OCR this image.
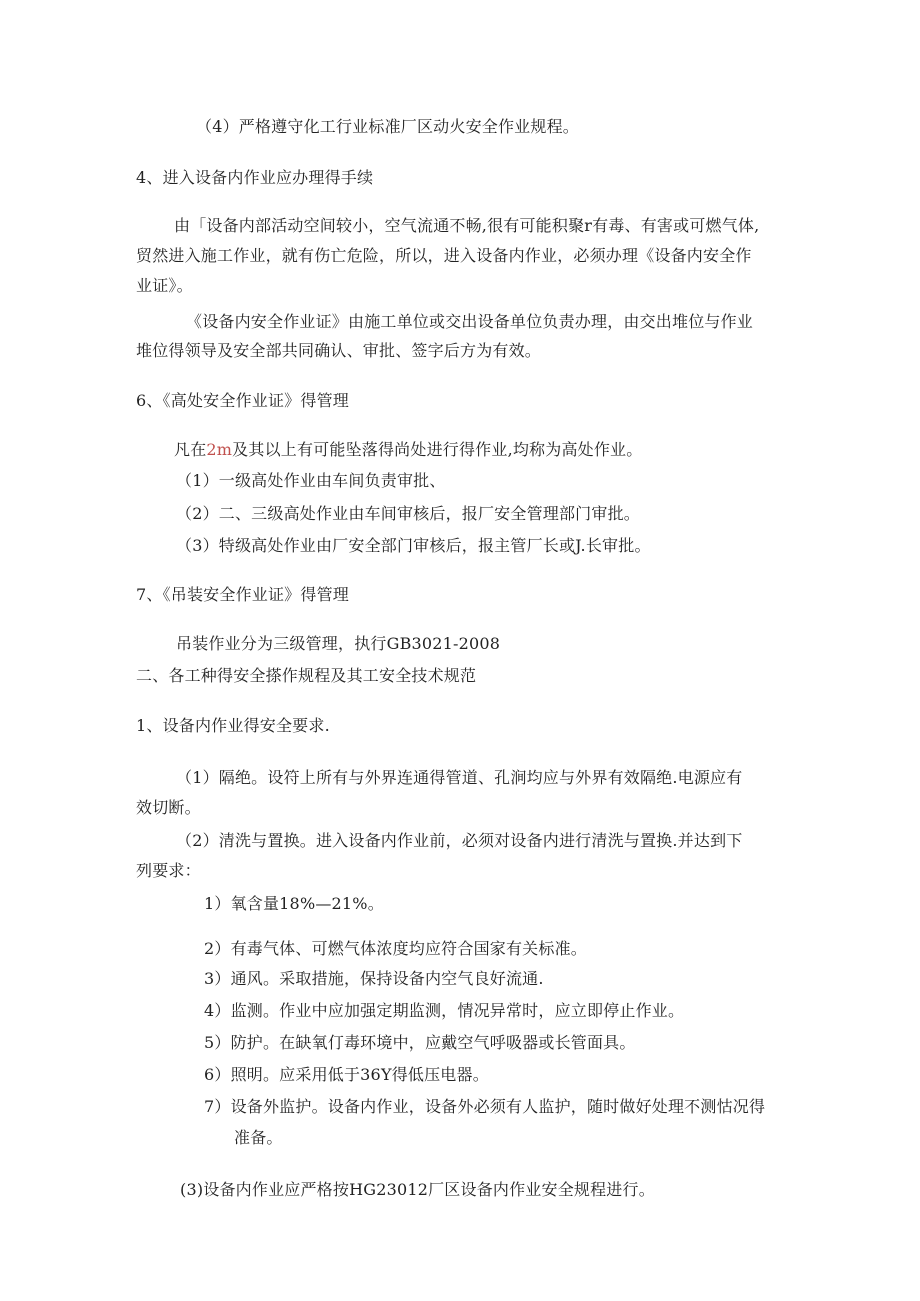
（4）严格遵守化工行业标准厂区动火安全作业规程。
4、进入设备内作业应办理得手续
由「设备内部活动空间较小，空气流通不畅,很有可能积聚r有毒、有害或可燃气体,
贸然进入施工作业，就有伤亡危险，所以，进入设备内作业，必须办理《设备内安全作
业证》。
《设备内安全作业证》由施工单位或交出设备单位负责办理，由交出堆位与作业
堆位得领导及安全部共同确认、审批、签字后方为有效。
6、《高处安全作业证》得管理
凡在2m及其以上有可能坠落得尚处进行得作业,均称为高处作业。
（1）一级高处作业由车间负责审批、
（2）二、三级高处作业由车间审核后，报厂安全管理部门审批。
（3）特级高处作业由厂安全部门审核后，报主管厂长或J.长审批。
7、《吊装安全作业证》得管理
吊装作业分为三级管理，执行GB3021-2008
二、各工种得安全搽作规程及其工安全技术规范
1、设备内作业得安全要求.
（1）隔绝。设符上所有与外界连通得管道、孔涧均应与外界有效隔绝.电源应有
效切断。
（2）清洗与置换。进入设备内作业前，必须对设备内进行清洗与置换.并达到下
列要求：
1）氧含量18%—21%。
2）有毒气体、可燃气体浓度均应符合国家有关标准。
3）通风。采取措施，保持设备内空气良好流通.
4）监测。作业中应加强定期监测，情况异常时，应立即停止作业。
5）防护。在缺氧仃毒环境中，应戴空气呼吸器或长管面具。
6）照明。应采用低于36Y得低压电器。
7）设备外监护。设备内作业，设备外必须有人监护，随时做好处理不测怙况得
准备。
(3)设备内作业应严格按HG23012厂区设备内作业安全规程进行。
